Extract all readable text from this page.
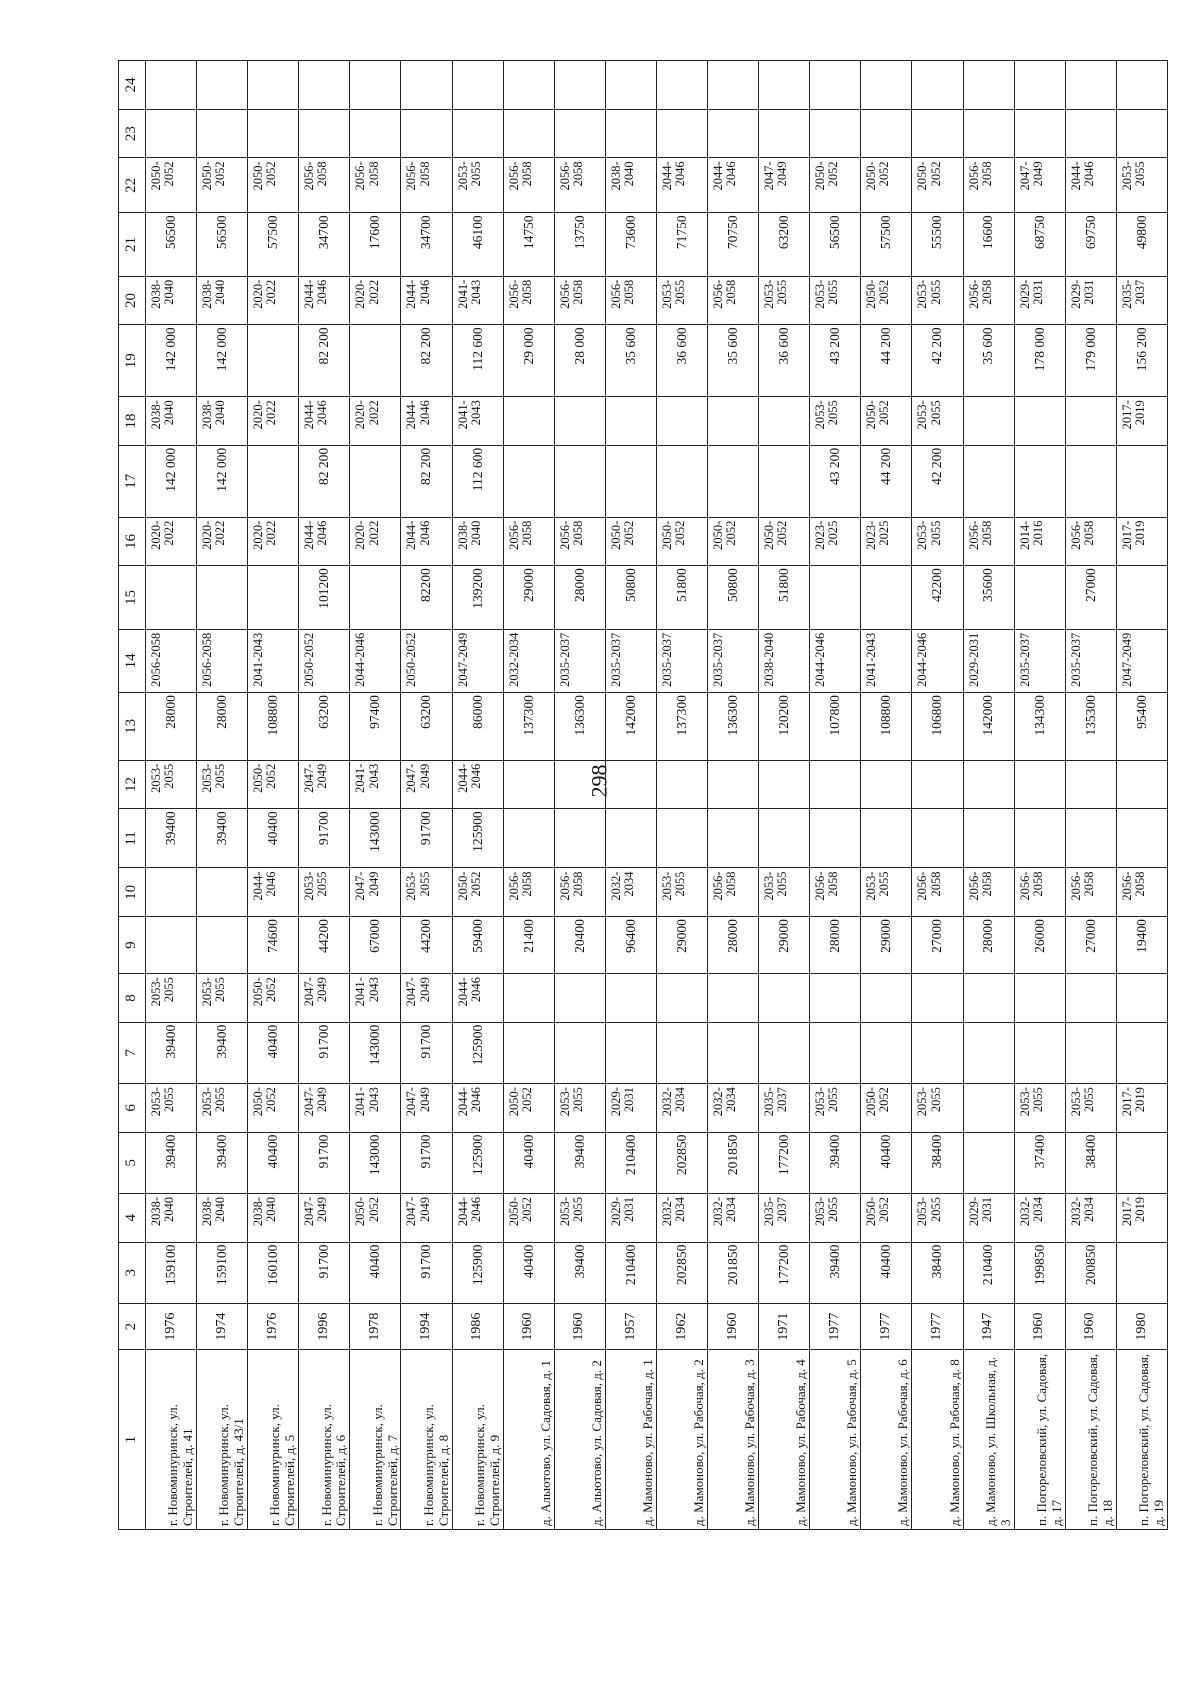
298
1	2	3	4	5	6	7	8	9	10	11	12	13	14	15	16	17	18	19	20	21	22	23	24
г. Новоминуринск, ул. Строителей, д. 41	1976	159100	2038-2040	39400	2053-2055	39400	2053-2055			39400	2053-2055	28000	2056-2058		2020-2022	142 000	2038-2040	142 000	2038-2040	56500	2050-2052		
г. Новоминуринск, ул. Строителей, д. 43/1	1974	159100	2038-2040	39400	2053-2055	39400	2053-2055			39400	2053-2055	28000	2056-2058		2020-2022	142 000	2038-2040	142 000	2038-2040	56500	2050-2052		
г. Новоминуринск, ул. Строителей, д. 5	1976	160100	2038-2040	40400	2050-2052	40400	2050-2052	74600	2044-2046	40400	2050-2052	108800	2041-2043		2020-2022		2020-2022		2020-2022	57500	2050-2052		
г. Новоминуринск, ул. Строителей, д. 6	1996	91700	2047-2049	91700	2047-2049	91700	2047-2049	44200	2053-2055	91700	2047-2049	63200	2050-2052	101200	2044-2046	82 200	2044-2046	82 200	2044-2046	34700	2056-2058		
г. Новоминуринск, ул. Строителей, д. 7	1978	40400	2050-2052	143000	2041-2043	143000	2041-2043	67000	2047-2049	143000	2041-2043	97400	2044-2046		2020-2022		2020-2022		2020-2022	17600	2056-2058		
г. Новоминуринск, ул. Строителей, д. 8	1994	91700	2047-2049	91700	2047-2049	91700	2047-2049	44200	2053-2055	91700	2047-2049	63200	2050-2052	82200	2044-2046	82 200	2044-2046	82 200	2044-2046	34700	2056-2058		
г. Новоминуринск, ул. Строителей, д. 9	1986	125900	2044-2046	125900	2044-2046	125900	2044-2046	59400	2050-2052	125900	2044-2046	86000	2047-2049	139200	2038-2040	112 600	2041-2043	112 600	2041-2043	46100	2053-2055		
д. Альютово, ул. Садовая, д. 1	1960	40400	2050-2052	40400	2050-2052			21400	2056-2058			137300	2032-2034	29000	2056-2058			29 000	2056-2058	14750	2056-2058		
д. Альютово, ул. Садовая, д. 2	1960	39400	2053-2055	39400	2053-2055			20400	2056-2058			136300	2035-2037	28000	2056-2058			28 000	2056-2058	13750	2056-2058		
д. Мамоново, ул. Рабочая, д. 1	1957	210400	2029-2031	210400	2029-2031			96400	2032-2034			142000	2035-2037	50800	2050-2052			35 600	2056-2058	73600	2038-2040		
д. Мамоново, ул. Рабочая, д. 2	1962	202850	2032-2034	202850	2032-2034			29000	2053-2055			137300	2035-2037	51800	2050-2052			36 600	2053-2055	71750	2044-2046		
д. Мамоново, ул. Рабочая, д. 3	1960	201850	2032-2034	201850	2032-2034			28000	2056-2058			136300	2035-2037	50800	2050-2052			35 600	2056-2058	70750	2044-2046		
д. Мамоново, ул. Рабочая, д. 4	1971	177200	2035-2037	177200	2035-2037			29000	2053-2055			120200	2038-2040	51800	2050-2052			36 600	2053-2055	63200	2047-2049		
д. Мамоново, ул. Рабочая, д. 5	1977	39400	2053-2055	39400	2053-2055			28000	2056-2058			107800	2044-2046		2023-2025	43 200	2053-2055	43 200	2053-2055	56500	2050-2052		
д. Мамоново, ул. Рабочая, д. 6	1977	40400	2050-2052	40400	2050-2052			29000	2053-2055			108800	2041-2043		2023-2025	44 200	2050-2052	44 200	2050-2052	57500	2050-2052		
д. Мамоново, ул. Рабочая, д. 8	1977	38400	2053-2055	38400	2053-2055			27000	2056-2058			106800	2044-2046	42200	2053-2055	42 200	2053-2055	42 200	2053-2055	55500	2050-2052		
д. Мамоново, ул. Школьная, д. 3	1947	210400	2029-2031					28000	2056-2058			142000	2029-2031	35600	2056-2058			35 600	2056-2058	16600	2056-2058		
п. Погореловский, ул. Садовая, д. 17	1960	199850	2032-2034	37400	2053-2055			26000	2056-2058			134300	2035-2037		2014-2016			178 000	2029-2031	68750	2047-2049		
п. Погореловский, ул. Садовая, д. 18	1960	200850	2032-2034	38400	2053-2055			27000	2056-2058			135300	2035-2037	27000	2056-2058			179 000	2029-2031	69750	2044-2046		
п. Погореловский, ул. Садовая, д. 19	1980		2017-2019		2017-2019			19400	2056-2058			95400	2047-2049		2017-2019		2017-2019	156 200	2035-2037	49800	2053-2055		
